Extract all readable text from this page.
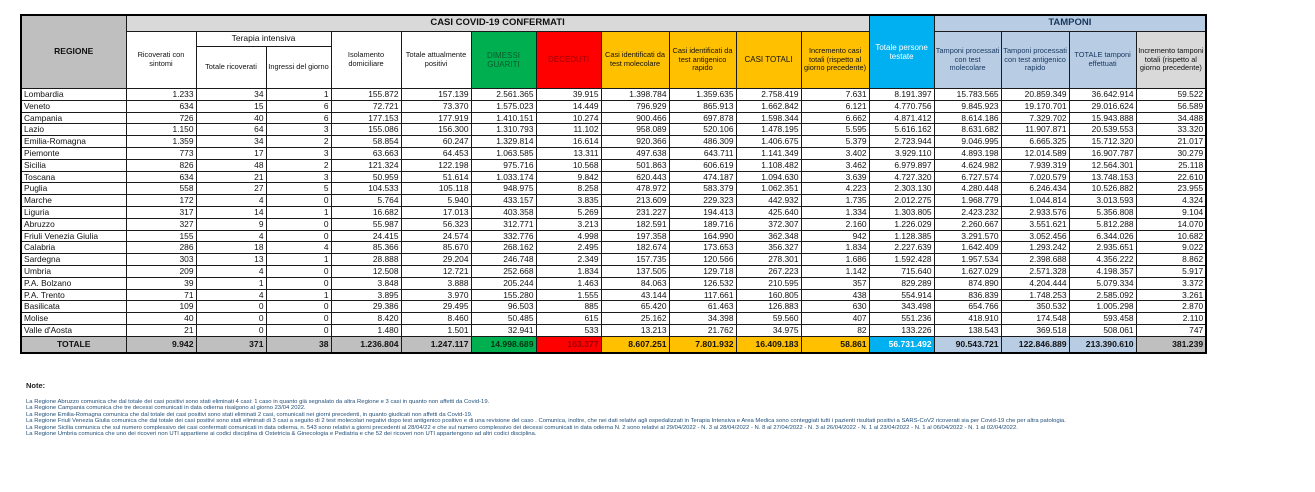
REGIONE	CASI COVID-19 CONFERMATI											Totale persone testate	TAMPONI			
	Ricoverati con sintomi	Terapia intensiva		Isolamento domiciliare	Totale attualmente positivi	DIMESSI GUARITI	DECEDUTI	Casi identificati da test molecolare	Casi identificati da test antigenico rapido	CASI TOTALI	Incremento casi totali (rispetto al giorno precedente)		Tamponi processati con test molecolare	Tamponi processati con test antigenico rapido	TOTALE tamponi effettuati	Incremento tamponi totali (rispetto al giorno precedente)
		Totale ricoverati	Ingressi del giorno													
Lombardia	1.233	34	1	155.872	157.139	2.561.365	39.915	1.398.784	1.359.635	2.758.419	7.631	8.191.397	15.783.565	20.859.349	36.642.914	59.522
Veneto	634	15	6	72.721	73.370	1.575.023	14.449	796.929	865.913	1.662.842	6.121	4.770.756	9.845.923	19.170.701	29.016.624	56.589
Campania	726	40	6	177.153	177.919	1.410.151	10.274	900.466	697.878	1.598.344	6.662	4.871.412	8.614.186	7.329.702	15.943.888	34.488
Lazio	1.150	64	3	155.086	156.300	1.310.793	11.102	958.089	520.106	1.478.195	5.595	5.616.162	8.631.682	11.907.871	20.539.553	33.320
Emilia-Romagna	1.359	34	2	58.854	60.247	1.329.814	16.614	920.366	486.309	1.406.675	5.379	2.723.944	9.046.995	6.665.325	15.712.320	21.017
Piemonte	773	17	3	63.663	64.453	1.063.585	13.311	497.638	643.711	1.141.349	3.402	3.929.110	4.893.198	12.014.589	16.907.787	30.279
Sicilia	826	48	2	121.324	122.198	975.716	10.568	501.863	606.619	1.108.482	3.462	6.979.897	4.624.982	7.939.319	12.564.301	25.118
Toscana	634	21	3	50.959	51.614	1.033.174	9.842	620.443	474.187	1.094.630	3.639	4.727.320	6.727.574	7.020.579	13.748.153	22.610
Puglia	558	27	5	104.533	105.118	948.975	8.258	478.972	583.379	1.062.351	4.223	2.303.130	4.280.448	6.246.434	10.526.882	23.955
Marche	172	4	0	5.764	5.940	433.157	3.835	213.609	229.323	442.932	1.735	2.012.275	1.968.779	1.044.814	3.013.593	4.324
Liguria	317	14	1	16.682	17.013	403.358	5.269	231.227	194.413	425.640	1.334	1.303.805	2.423.232	2.933.576	5.356.808	9.104
Abruzzo	327	9	0	55.987	56.323	312.771	3.213	182.591	189.716	372.307	2.160	1.226.029	2.260.667	3.551.621	5.812.288	14.070
Friuli Venezia Giulia	155	4	0	24.415	24.574	332.776	4.998	197.358	164.990	362.348	942	1.128.385	3.291.570	3.052.456	6.344.026	10.682
Calabria	286	18	4	85.366	85.670	268.162	2.495	182.674	173.653	356.327	1.834	2.227.639	1.642.409	1.293.242	2.935.651	9.022
Sardegna	303	13	1	28.888	29.204	246.748	2.349	157.735	120.566	278.301	1.686	1.592.428	1.957.534	2.398.688	4.356.222	8.862
Umbria	209	4	0	12.508	12.721	252.668	1.834	137.505	129.718	267.223	1.142	715.640	1.627.029	2.571.328	4.198.357	5.917
P.A. Bolzano	39	1	0	3.848	3.888	205.244	1.463	84.063	126.532	210.595	357	829.289	874.890	4.204.444	5.079.334	3.372
P.A. Trento	71	4	1	3.895	3.970	155.280	1.555	43.144	117.661	160.805	438	554.914	836.839	1.748.253	2.585.092	3.261
Basilicata	109	0	0	29.386	29.495	96.503	885	65.420	61.463	126.883	630	343.498	654.766	350.532	1.005.298	2.870
Molise	40	0	0	8.420	8.460	50.485	615	25.162	34.398	59.560	407	551.236	418.910	174.548	593.458	2.110
Valle d'Aosta	21	0	0	1.480	1.501	32.941	533	13.213	21.762	34.975	82	133.226	138.543	369.518	508.061	747
TOTALE	9.942	371	38	1.236.804	1.247.117	14.998.689	163.377	8.607.251	7.801.932	16.409.183	58.861	56.731.492	90.543.721	122.846.889	213.390.610	381.239
Note:
La Regione Abruzzo comunica che dal totale dei casi positivi sono stati eliminati 4 casi: 1 caso in quanto già segnalato da altra Regione e 3 casi in quanto non affetti da Covid-19.
La Regione Campania comunica che tre decessi comunicati in data odierna risalgono al giorno 23/04 2022.
La Regione Emilia-Romagna comunica che dal totale dei casi positivi sono stati eliminati 2 casi, comunicati nei giorni precedenti, in quanto giudicati non affetti da Covid-19.
La Regione Friuli Venezia Giulia comunica che dal totale dei casi positivi sono stati eliminati di 3 casi a seguito di 2 test molecolari negativi dopo test antigenico positivo e di una revisione del caso . Comunica, inoltre, che nei dati relativi agli ospedalizzati in Terapia Intensiva e Area Medica sono conteggiati tutti i pazienti risultati positivi a SARS-CoV2 ricoverati sia per Covid-19 che per altra patologia.
La Regione Sicilia comunica che sul numero complessivo dei casi confermati comunicati in data odierna, n. 543 sono relativi a giorni precedenti al 28/04/22 e che sul numero complessivo dei decessi comunicati in data odierna N. 2 sono relativi al 29/04/2022 - N. 3 al 28/04/2022 - N. 8 al 27/04/2022 - N. 3 al 26/04/2022 - N. 1 al 23/04/2022 - N. 1 al 06/04/2022 - N. 1 al 02/04/2022.
La Regione Umbria comunica che uno dei ricoveri non UTI appartiene ai codici disciplina di Ostetricia & Ginecologia e Pediatria e che 52 dei ricoveri non UTI appartengono ad altri codici disciplina.
